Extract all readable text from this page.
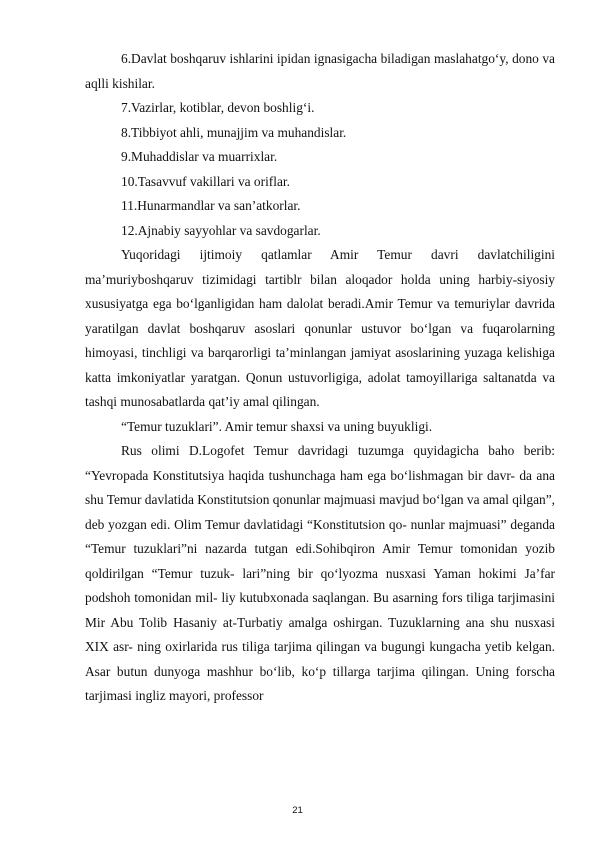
6.Davlat boshqaruv ishlarini ipidan ignasigacha biladigan maslahatgo‘y, dono va aqlli kishilar.

7.Vazirlar, kotiblar, devon boshlig‘i.

8.Tibbiyot ahli, munajjim va muhandislar.

9.Muhaddislar va muarrixlar.

10.Tasavvuf vakillari va oriflar.

11.Hunarmandlar va san’atkorlar.

12.Ajnabiy sayyohlar va savdogarlar.

Yuqoridagi ijtimoiy qatlamlar Amir Temur davri davlatchiligini ma’muriyboshqaruv tizimidagi tartiblr bilan aloqador holda uning harbiy-siyosiy xususiyatga ega bo‘lganligidan ham dalolat beradi.Amir Temur va temuriylar davrida yaratilgan davlat boshqaruv asoslari qonunlar ustuvor bo‘lgan va fuqarolarning himoyasi, tinchligi va barqarorligi ta’minlangan jamiyat asoslarining yuzaga kelishiga katta imkoniyatlar yaratgan. Qonun ustuvorligiga, adolat tamoyillariga saltanatda va tashqi munosabatlarda qat’iy amal qilingan.

“Temur tuzuklari”. Amir temur shaxsi va uning buyukligi.

Rus olimi D.Logofet Temur davridagi tuzumga quyidagicha baho berib: “Yevropada Konstitutsiya haqida tushunchaga ham ega bo‘lishmagan bir davr- da ana shu Temur davlatida Konstitutsion qonunlar majmuasi mavjud bo‘lgan va amal qilgan”, deb yozgan edi. Olim Temur davlatidagi “Konstitutsion qo- nunlar majmuasi” deganda “Temur tuzuklari”ni nazarda tutgan edi.Sohibqiron Amir Temur tomonidan yozib qoldirilgan “Temur tuzuk- lari”ning bir qo‘lyozma nusxasi Yaman hokimi Ja’far podshoh tomonidan mil- liy kutubxonada saqlangan. Bu asarning fors tiliga tarjimasini Mir Abu Tolib Hasaniy at-Turbatiy amalga oshirgan. Tuzuklarning ana shu nusxasi XIX asr- ning oxirlarida rus tiliga tarjima qilingan va bugungi kungacha yetib kelgan. Asar butun dunyoga mashhur bo‘lib, ko‘p tillarga tarjima qilingan. Uning forscha tarjimasi ingliz mayori, professor

21
